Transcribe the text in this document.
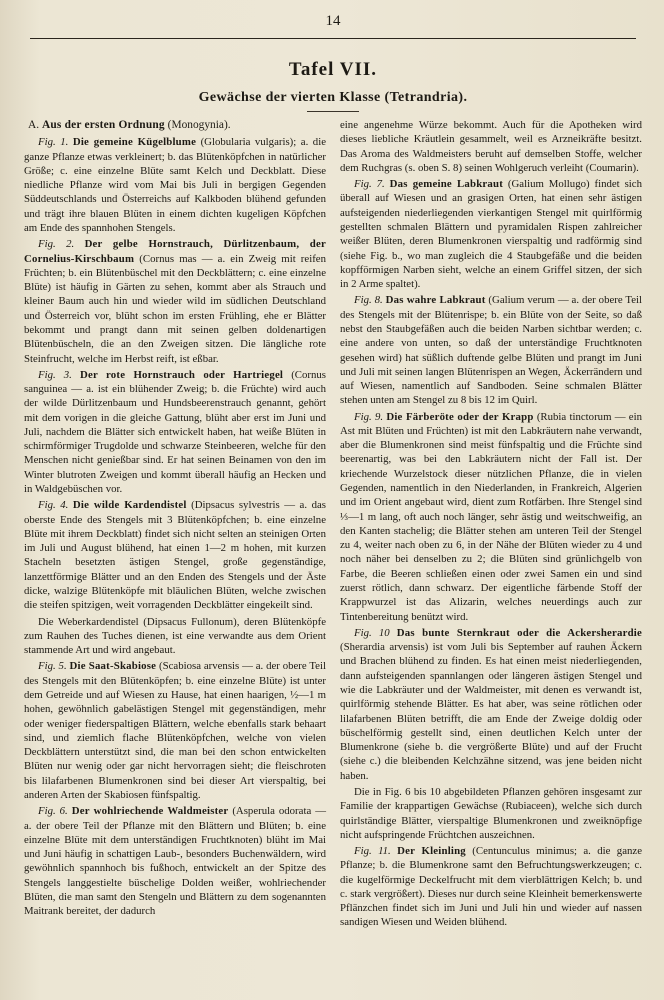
14
Tafel VII.
Gewächse der vierten Klasse (Tetrandria).

A. Aus der ersten Ordnung (Monogynia).

Fig. 1. Die gemeine Kügelblume (Globularia vulgaris); a. die ganze Pflanze etwas verkleinert; b. das Blütenköpfchen in natürlicher Größe; c. eine einzelne Blüte samt Kelch und Deckblatt. Diese niedliche Pflanze wird vom Mai bis Juli in bergigen Gegenden Süddeutschlands und Österreichs auf Kalkboden blühend gefunden und trägt ihre blauen Blüten in einem dichten kugeligen Köpfchen am Ende des spannhohen Stengels.

Fig. 2. Der gelbe Hornstrauch, Dürlitzenbaum, der Cornelius-Kirschbaum (Cornus mas — a. ein Zweig mit reifen Früchten; b. ein Blütenbüschel mit den Deckblättern; c. eine einzelne Blüte) ist häufig in Gärten zu sehen, kommt aber als Strauch und kleiner Baum auch hin und wieder wild im südlichen Deutschland und Österreich vor, blüht schon im ersten Frühling, ehe er Blätter bekommt und prangt dann mit seinen gelben doldenartigen Blütenbüscheln, die an den Zweigen sitzen. Die längliche rote Steinfrucht, welche im Herbst reift, ist eßbar.

Fig. 3. Der rote Hornstrauch oder Hartriegel (Cornus sanguinea — a. ist ein blühender Zweig; b. die Früchte) wird auch der wilde Dürlitzenbaum und Hundsbeerenstrauch genannt, gehört mit dem vorigen in die gleiche Gattung, blüht aber erst im Juni und Juli, nachdem die Blätter sich entwickelt haben, hat weiße Blüten in schirmförmiger Trugdolde und schwarze Steinbeeren, welche für den Menschen nicht genießbar sind. Er hat seinen Beinamen von den im Winter blutroten Zweigen und kommt überall häufig an Hecken und in Waldgebüschen vor.

Fig. 4. Die wilde Kardendistel (Dipsacus sylvestris — a. das oberste Ende des Stengels mit 3 Blütenköpfchen; b. eine einzelne Blüte mit ihrem Deckblatt) findet sich nicht selten an steinigen Orten im Juli und August blühend, hat einen 1—2 m hohen, mit kurzen Stacheln besetzten ästigen Stengel, große gegenständige, lanzettförmige Blätter und an den Enden des Stengels und der Äste dicke, walzige Blütenköpfe mit bläulichen Blüten, welche zwischen die steifen spitzigen, weit vorragenden Deckblätter eingekeilt sind.

Die Weberkardendistel (Dipsacus Fullonum), deren Blütenköpfe zum Rauhen des Tuches dienen, ist eine verwandte aus dem Orient stammende Art und wird angebaut.

Fig. 5. Die Saat-Skabiose (Scabiosa arvensis — a. der obere Teil des Stengels mit den Blütenköpfen; b. eine einzelne Blüte) ist unter dem Getreide und auf Wiesen zu Hause, hat einen haarigen, ½—1 m hohen, gewöhnlich gabelästigen Stengel mit gegenständigen, mehr oder weniger fiederspaltigen Blättern, welche ebenfalls stark behaart sind, und ziemlich flache Blütenköpfchen, welche von vielen Deckblättern unterstützt sind, die man bei den schon entwickelten Blüten nur wenig oder gar nicht hervorragen sieht; die fleischroten bis lilafarbenen Blumenkronen sind bei dieser Art vierspaltig, bei anderen Arten der Skabiosen fünfspaltig.

Fig. 6. Der wohlriechende Waldmeister (Asperula odorata — a. der obere Teil der Pflanze mit den Blättern und Blüten; b. eine einzelne Blüte mit dem unterständigen Fruchtknoten) blüht im Mai und Juni häufig in schattigen Laub-, besonders Buchenwäldern, wird gewöhnlich spannhoch bis fußhoch, entwickelt an der Spitze des Stengels langgestielte büschelige Dolden weißer, wohlriechender Blüten, die man samt den Stengeln und Blättern zu dem sogenannten Maitrank bereitet, der dadurch

eine angenehme Würze bekommt. Auch für die Apotheken wird dieses liebliche Kräutlein gesammelt, weil es Arzneikräfte besitzt. Das Aroma des Waldmeisters beruht auf demselben Stoffe, welcher dem Ruchgras (s. oben S. 8) seinen Wohlgeruch verleiht (Coumarin).

Fig. 7. Das gemeine Labkraut (Galium Mollugo) findet sich überall auf Wiesen und an grasigen Orten, hat einen sehr ästigen aufsteigenden niederliegenden vierkantigen Stengel mit quirlförmig gestellten schmalen Blättern und pyramidalen Rispen zahlreicher weißer Blüten, deren Blumenkronen vierspaltig und radförmig sind (siehe Fig. b., wo man zugleich die 4 Staubgefäße und die beiden kopfförmigen Narben sieht, welche an einem Griffel sitzen, der sich in 2 Arme spaltet).

Fig. 8. Das wahre Labkraut (Galium verum — a. der obere Teil des Stengels mit der Blütenrispe; b. ein Blüte von der Seite, so daß nebst den Staubgefäßen auch die beiden Narben sichtbar werden; c. eine andere von unten, so daß der unterständige Fruchtknoten gesehen wird) hat süßlich duftende gelbe Blüten und prangt im Juni und Juli mit seinen langen Blütenrispen an Wegen, Äckerrändern und auf Wiesen, namentlich auf Sandboden. Seine schmalen Blätter stehen unten am Stengel zu 8 bis 12 im Quirl.

Fig. 9. Die Färberöte oder der Krapp (Rubia tinctorum — ein Ast mit Blüten und Früchten) ist mit den Labkräutern nahe verwandt, aber die Blumenkronen sind meist fünfspaltig und die Früchte sind beerenartig, was bei den Labkräutern nicht der Fall ist. Der kriechende Wurzelstock dieser nützlichen Pflanze, die in vielen Gegenden, namentlich in den Niederlanden, in Frankreich, Algerien und im Orient angebaut wird, dient zum Rotfärben. Ihre Stengel sind ⅓—1 m lang, oft auch noch länger, sehr ästig und weitschweifig, an den Kanten stachelig; die Blätter stehen am unteren Teil der Stengel zu 4, weiter nach oben zu 6, in der Nähe der Blüten wieder zu 4 und noch näher bei denselben zu 2; die Blüten sind grünlichgelb von Farbe, die Beeren schließen einen oder zwei Samen ein und sind zuerst rötlich, dann schwarz. Der eigentliche färbende Stoff der Krappwurzel ist das Alizarin, welches neuerdings auch zur Tintenbereitung benützt wird.

Fig. 10 Das bunte Sternkraut oder die Ackersherardie (Sherardia arvensis) ist vom Juli bis September auf rauhen Äckern und Brachen blühend zu finden. Es hat einen meist niederliegenden, dann aufsteigenden spannlangen oder längeren ästigen Stengel und wie die Labkräuter und der Waldmeister, mit denen es verwandt ist, quirlförmig stehende Blätter. Es hat aber, was seine rötlichen oder lilafarbenen Blüten betrifft, die am Ende der Zweige doldig oder büschelförmig gestellt sind, einen deutlichen Kelch unter der Blumenkrone (siehe b. die vergrößerte Blüte) und auf der Frucht (siehe c.) die bleibenden Kelchzähne sitzend, was jene beiden nicht haben.

Die in Fig. 6 bis 10 abgebildeten Pflanzen gehören insgesamt zur Familie der krappartigen Gewächse (Rubiaceen), welche sich durch quirlständige Blätter, vierspaltige Blumenkronen und zweiknöpfige nicht aufspringende Früchtchen auszeichnen.

Fig. 11. Der Kleinling (Centunculus minimus; a. die ganze Pflanze; b. die Blumenkrone samt den Befruchtungswerkzeugen; c. die kugelförmige Deckelfrucht mit dem vierblättrigen Kelch; b. und c. stark vergrößert). Dieses nur durch seine Kleinheit bemerkenswerte Pflänzchen findet sich im Juni und Juli hin und wieder auf nassen sandigen Wiesen und Weiden blühend.
